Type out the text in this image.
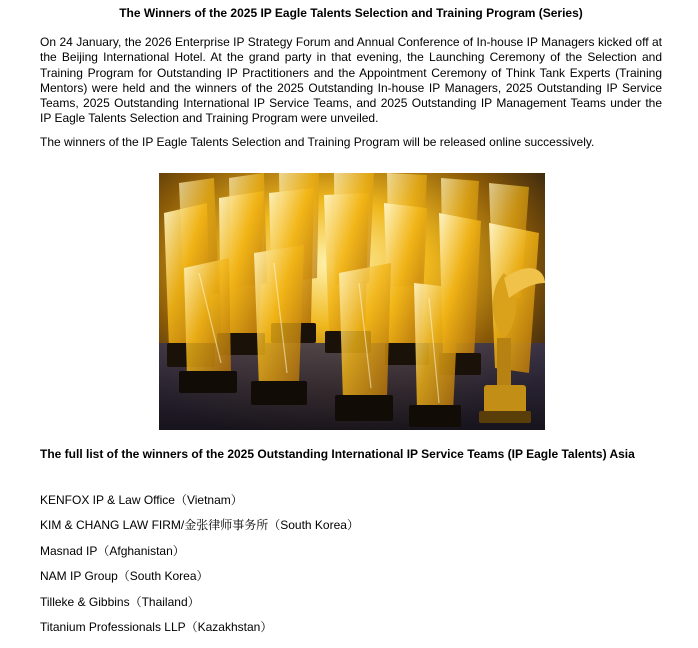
The Winners of the 2025 IP Eagle Talents Selection and Training Program (Series)

On 24 January, the 2026 Enterprise IP Strategy Forum and Annual Conference of In-house IP Managers kicked off at the Beijing International Hotel. At the grand party in that evening, the Launching Ceremony of the Selection and Training Program for Outstanding IP Practitioners and the Appointment Ceremony of Think Tank Experts (Training Mentors) were held and the winners of the 2025 Outstanding In-house IP Managers, 2025 Outstanding IP Service Teams, 2025 Outstanding International IP Service Teams, and 2025 Outstanding IP Management Teams under the IP Eagle Talents Selection and Training Program were unveiled.

The winners of the IP Eagle Talents Selection and Training Program will be released online successively.

The full list of the winners of the 2025 Outstanding International IP Service Teams (IP Eagle Talents) Asia
KENFOX IP & Law Office（Vietnam）
KIM & CHANG LAW FIRM/金张律师事务所（South Korea）
Masnad IP（Afghanistan）
NAM IP Group（South Korea）
Tilleke & Gibbins（Thailand）
Titanium Professionals LLP（Kazakhstan）
